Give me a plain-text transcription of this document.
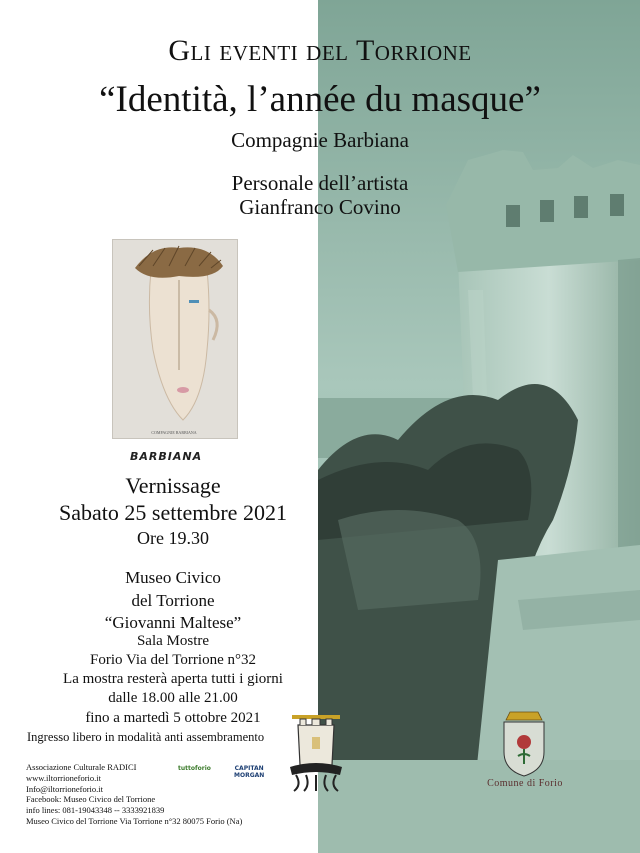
Gli eventi del Torrione
“Identità, l’année du masque”
Compagnie Barbiana
Personale dell’artista
Gianfranco Covino
COMPAGNIE BARBIANA
BARBIANA
Vernissage
Sabato 25 settembre 2021
Ore 19.30
Museo Civico
del Torrione
“Giovanni Maltese”
Sala Mostre
Forio Via del Torrione n°32
La mostra resterà aperta tutti i giorni
dalle 18.00 alle 21.00
fino a martedì 5 ottobre 2021
Ingresso libero in modalità anti assembramento
Associazione Culturale RADICI
www.iltorrioneforio.it
Info@iltorrioneforio.it
Facebook: Museo Civico del Torrione
info lines: 081-19043348 -- 3333921839
Museo Civico del Torrione Via Torrione n°32 80075 Forio (Na)
tuttoforio	CAPITAN
MORGAN
Comune di Forio
